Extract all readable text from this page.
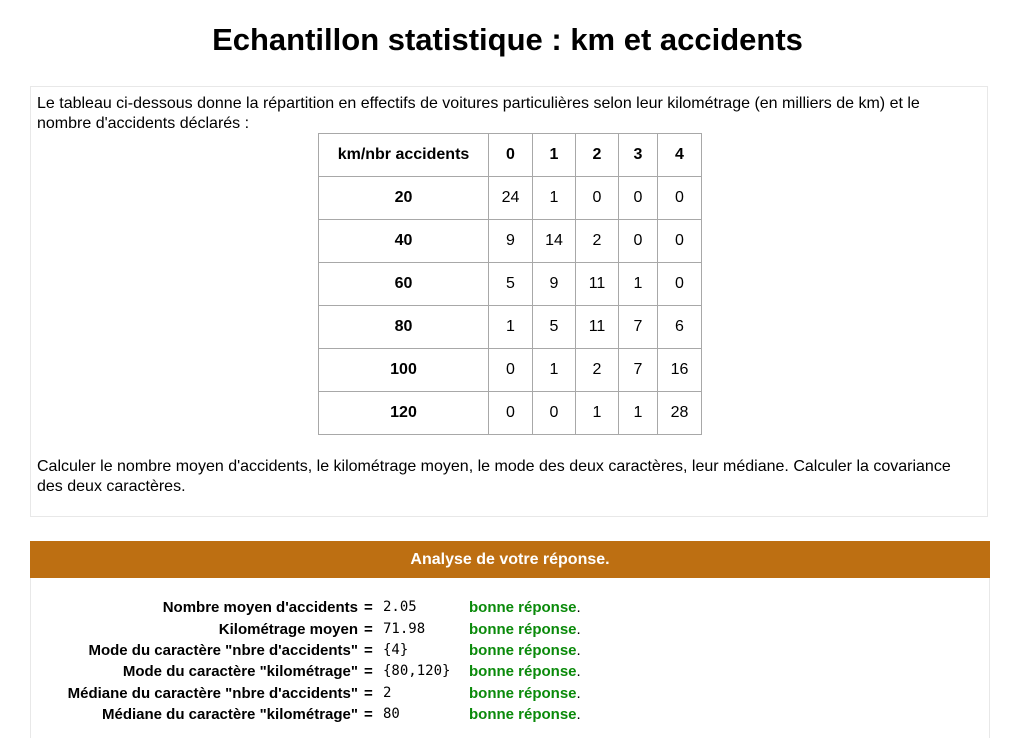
Echantillon statistique : km et accidents
Le tableau ci-dessous donne la répartition en effectifs de voitures particulières selon leur kilométrage (en milliers de km) et le nombre d'accidents déclarés :
km/nbr accidents	0	1	2	3	4
20	24	1	0	0	0
40	9	14	2	0	0
60	5	9	11	1	0
80	1	5	11	7	6
100	0	1	2	7	16
120	0	0	1	1	28
Calculer le nombre moyen d'accidents, le kilométrage moyen, le mode des deux caractères, leur médiane. Calculer la covariance des deux caractères.
Analyse de votre réponse.
Nombre moyen d'accidents = 2.05	bonne réponse.
Kilométrage moyen = 71.98	bonne réponse.
Mode du caractère "nbre d'accidents" = {4}	bonne réponse.
Mode du caractère "kilométrage" = {80,120} bonne réponse.
Médiane du caractère "nbre d'accidents" = 2	bonne réponse.
Médiane du caractère "kilométrage" = 80	bonne réponse.
